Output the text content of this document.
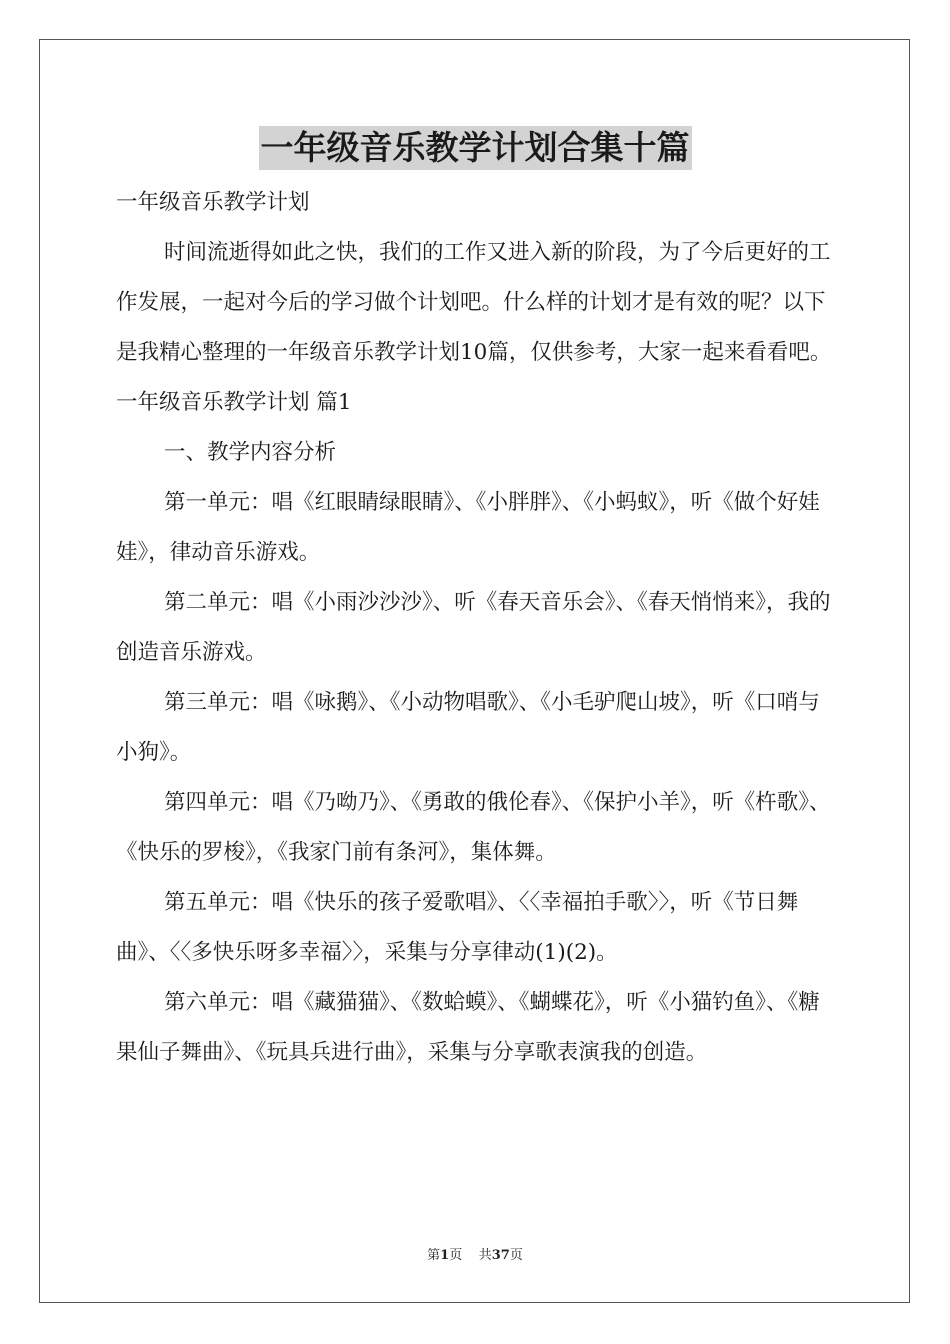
一年级音乐教学计划合集十篇

一年级音乐教学计划

时间流逝得如此之快，我们的工作又进入新的阶段，为了今后更好的工作发展，一起对今后的学习做个计划吧。什么样的计划才是有效的呢？以下是我精心整理的一年级音乐教学计划10篇，仅供参考，大家一起来看看吧。

一年级音乐教学计划 篇1

一、教学内容分析

第一单元：唱《红眼睛绿眼睛》、《小胖胖》、《小蚂蚁》，听《做个好娃娃》，律动音乐游戏。

第二单元：唱《小雨沙沙沙》、听《春天音乐会》、《春天悄悄来》，我的创造音乐游戏。

第三单元：唱《咏鹅》、《小动物唱歌》、《小毛驴爬山坡》，听《口哨与小狗》。

第四单元：唱《乃呦乃》、《勇敢的俄伦春》、《保护小羊》，听《杵歌》、《快乐的罗梭》，《我家门前有条河》，集体舞。

第五单元：唱《快乐的孩子爱歌唱》、〈〈幸福拍手歌〉〉，听《节日舞曲》、〈〈多快乐呀多幸福〉〉，采集与分享律动(1)(2)。

第六单元：唱《藏猫猫》、《数蛤蟆》、《蝴蝶花》，听《小猫钓鱼》、《糖果仙子舞曲》、《玩具兵进行曲》，采集与分享歌表演我的创造。

第1页 共37页
